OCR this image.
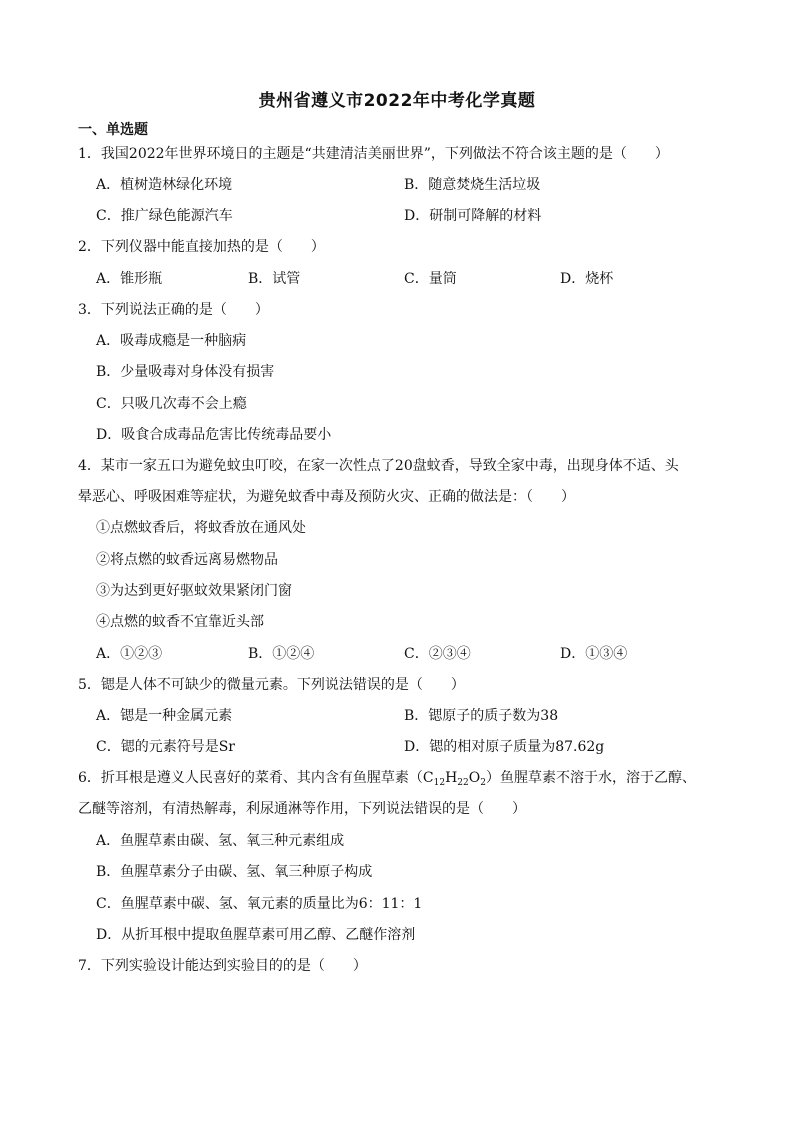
贵州省遵义市2022年中考化学真题
一、单选题
1．我国2022年世界环境日的主题是“共建清洁美丽世界”，下列做法不符合该主题的是（　　）
A．植树造林绿化环境	B．随意焚烧生活垃圾
C．推广绿色能源汽车	D．研制可降解的材料
2．下列仪器中能直接加热的是（　　）
A．锥形瓶	B．试管	C．量筒	D．烧杯
3．下列说法正确的是（　　）
A．吸毒成瘾是一种脑病
B．少量吸毒对身体没有损害
C．只吸几次毒不会上瘾
D．吸食合成毒品危害比传统毒品要小
4．某市一家五口为避免蚊虫叮咬，在家一次性点了20盘蚊香，导致全家中毒，出现身体不适、头
晕恶心、呼吸困难等症状，为避免蚊香中毒及预防火灾、正确的做法是：（　　）
①点燃蚊香后，将蚊香放在通风处
②将点燃的蚊香远离易燃物品
③为达到更好驱蚊效果紧闭门窗
④点燃的蚊香不宜靠近头部
A．①②③	B．①②④	C．②③④	D．①③④
5．锶是人体不可缺少的微量元素。下列说法错误的是（　　）
A．锶是一种金属元素	B．锶原子的质子数为38
C．锶的元素符号是Sr	D．锶的相对原子质量为87.62g
6．折耳根是遵义人民喜好的菜肴、其内含有鱼腥草素$(C_{12}H_{22}O_2)$鱼腥草素不溶于水，溶于乙醇、
乙醚等溶剂，有清热解毒，利尿通淋等作用，下列说法错误的是（　　）
A．鱼腥草素由碳、氢、氧三种元素组成
B．鱼腥草素分子由碳、氢、氧三种原子构成
C．鱼腥草素中碳、氢、氧元素的质量比为6：11：1
D．从折耳根中提取鱼腥草素可用乙醇、乙醚作溶剂
7．下列实验设计能达到实验目的的是（　　）
